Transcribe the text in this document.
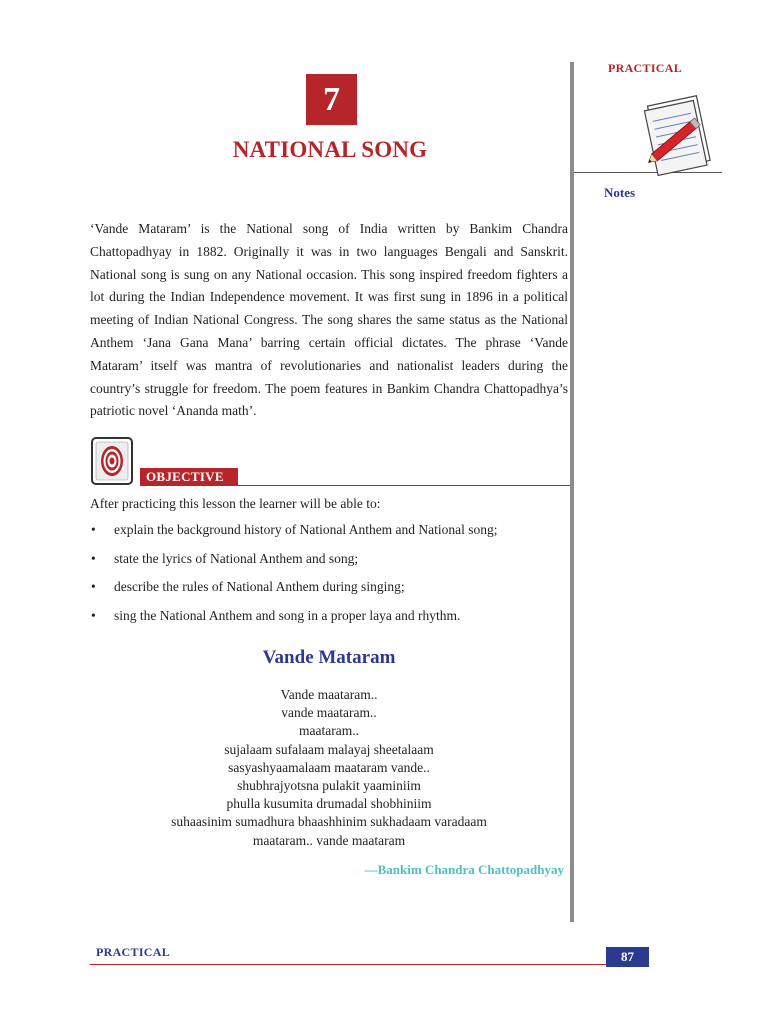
7
NATIONAL SONG
PRACTICAL
Notes
‘Vande Mataram’ is the National song of India written by Bankim Chandra Chattopadhyay in 1882. Originally it was in two languages Bengali and Sanskrit. National song is sung on any National occasion. This song inspired freedom fighters a lot during the Indian Independence movement. It was first sung in 1896 in a political meeting of Indian National Congress. The song shares the same status as the National Anthem ‘Jana Gana Mana’ barring certain official dictates. The phrase ‘Vande Mataram’ itself was mantra of revolutionaries and nationalist leaders during the country’s struggle for freedom. The poem features in Bankim Chandra Chattopadhya’s patriotic novel ‘Ananda math’.
OBJECTIVE
After practicing this lesson the learner will be able to:
• explain the background history of National Anthem and National song;
• state the lyrics of National Anthem and song;
• describe the rules of National Anthem during singing;
• sing the National Anthem and song in a proper laya and rhythm.
Vande Mataram
Vande maataram..
vande maataram..
maataram..
sujalaam sufalaam malayaj sheetalaam
sasyashyaamalaam maataram vande..
shubhrajyotsna pulakit yaaminiim
phulla kusumita drumadal shobhiniim
suhaasinim sumadhura bhaashhinim sukhadaam varadaam
maataram.. vande maataram
—Bankim Chandra Chattopadhyay
PRACTICAL	87
